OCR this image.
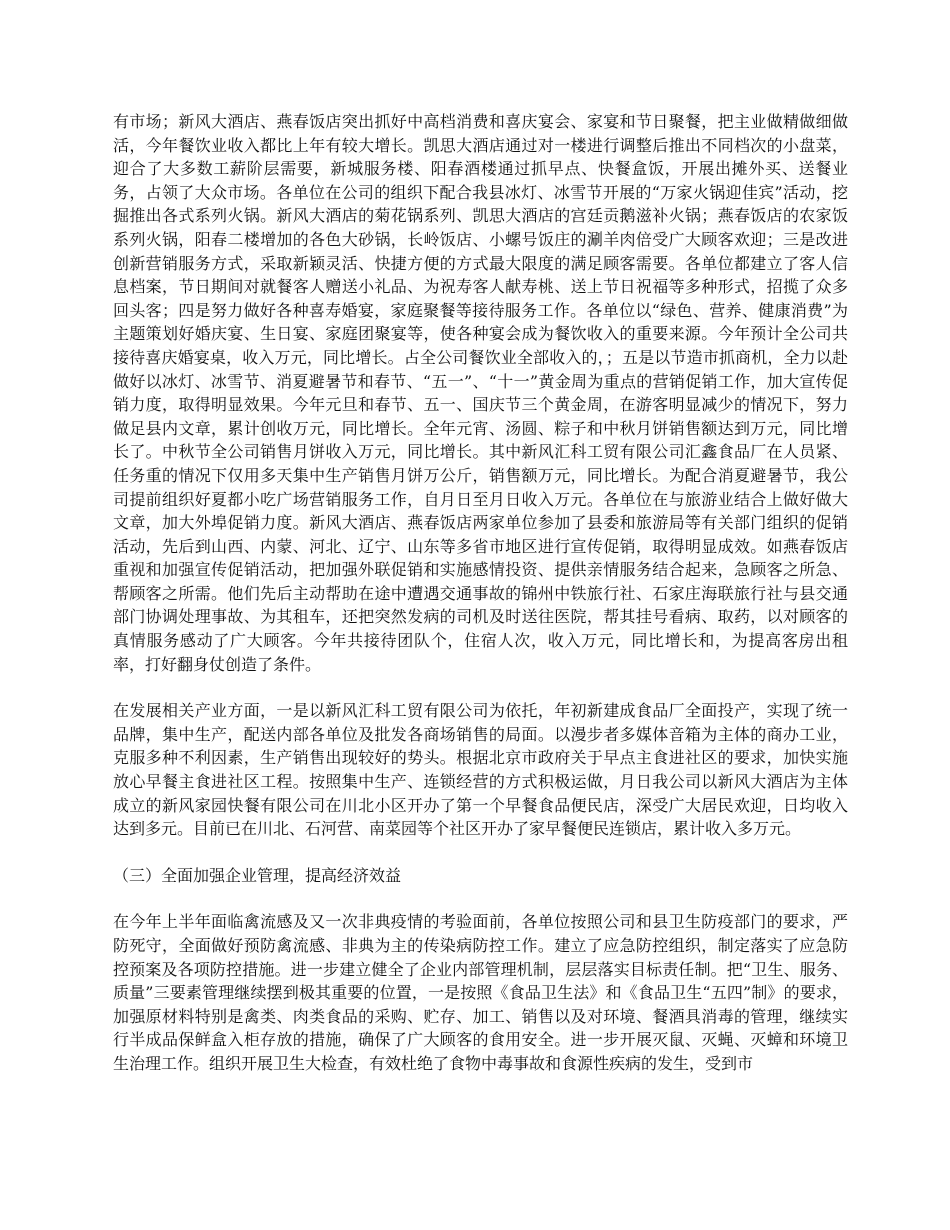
有市场；新风大酒店、燕春饭店突出抓好中高档消费和喜庆宴会、家宴和节日聚餐，把主业做精做细做活，今年餐饮业收入都比上年有较大增长。凯思大酒店通过对一楼进行调整后推出不同档次的小盘菜，迎合了大多数工薪阶层需要，新城服务楼、阳春酒楼通过抓早点、快餐盒饭，开展出摊外买、送餐业务，占领了大众市场。各单位在公司的组织下配合我县冰灯、冰雪节开展的“万家火锅迎佳宾”活动，挖掘推出各式系列火锅。新风大酒店的菊花锅系列、凯思大酒店的宫廷贡鹅滋补火锅；燕春饭店的农家饭系列火锅，阳春二楼增加的各色大砂锅，长岭饭店、小螺号饭庄的涮羊肉倍受广大顾客欢迎；三是改进创新营销服务方式，采取新颖灵活、快捷方便的方式最大限度的满足顾客需要。各单位都建立了客人信息档案，节日期间对就餐客人赠送小礼品、为祝寿客人献寿桃、送上节日祝福等多种形式，招揽了众多回头客；四是努力做好各种喜寿婚宴，家庭聚餐等接待服务工作。各单位以“绿色、营养、健康消费”为主题策划好婚庆宴、生日宴、家庭团聚宴等，使各种宴会成为餐饮收入的重要来源。今年预计全公司共接待喜庆婚宴桌，收入万元，同比增长。占全公司餐饮业全部收入的，；五是以节造市抓商机，全力以赴做好以冰灯、冰雪节、消夏避暑节和春节、“五一”、“十一”黄金周为重点的营销促销工作，加大宣传促销力度，取得明显效果。今年元旦和春节、五一、国庆节三个黄金周，在游客明显减少的情况下，努力做足县内文章，累计创收万元，同比增长。全年元宵、汤圆、粽子和中秋月饼销售额达到万元，同比增长了。中秋节全公司销售月饼收入万元，同比增长。其中新风汇科工贸有限公司汇鑫食品厂在人员紧、任务重的情况下仅用多天集中生产销售月饼万公斤，销售额万元，同比增长。为配合消夏避暑节，我公司提前组织好夏都小吃广场营销服务工作，自月日至月日收入万元。各单位在与旅游业结合上做好做大文章，加大外埠促销力度。新风大酒店、燕春饭店两家单位参加了县委和旅游局等有关部门组织的促销活动，先后到山西、内蒙、河北、辽宁、山东等多省市地区进行宣传促销，取得明显成效。如燕春饭店重视和加强宣传促销活动，把加强外联促销和实施感情投资、提供亲情服务结合起来，急顾客之所急、帮顾客之所需。他们先后主动帮助在途中遭遇交通事故的锦州中铁旅行社、石家庄海联旅行社与县交通部门协调处理事故、为其租车，还把突然发病的司机及时送往医院，帮其挂号看病、取药，以对顾客的真情服务感动了广大顾客。今年共接待团队个，住宿人次，收入万元，同比增长和，为提高客房出租率，打好翻身仗创造了条件。

在发展相关产业方面，一是以新风汇科工贸有限公司为依托，年初新建成食品厂全面投产，实现了统一品牌，集中生产，配送内部各单位及批发各商场销售的局面。以漫步者多媒体音箱为主体的商办工业，克服多种不利因素，生产销售出现较好的势头。根据北京市政府关于早点主食进社区的要求，加快实施放心早餐主食进社区工程。按照集中生产、连锁经营的方式积极运做，月日我公司以新风大酒店为主体成立的新风家园快餐有限公司在川北小区开办了第一个早餐食品便民店，深受广大居民欢迎，日均收入达到多元。目前已在川北、石河营、南菜园等个社区开办了家早餐便民连锁店，累计收入多万元。

（三）全面加强企业管理，提高经济效益

在今年上半年面临禽流感及又一次非典疫情的考验面前，各单位按照公司和县卫生防疫部门的要求，严防死守，全面做好预防禽流感、非典为主的传染病防控工作。建立了应急防控组织，制定落实了应急防控预案及各项防控措施。进一步建立健全了企业内部管理机制，层层落实目标责任制。把“卫生、服务、质量”三要素管理继续摆到极其重要的位置，一是按照《食品卫生法》和《食品卫生“五四”制》的要求，加强原材料特别是禽类、肉类食品的采购、贮存、加工、销售以及对环境、餐酒具消毒的管理，继续实行半成品保鲜盒入柜存放的措施，确保了广大顾客的食用安全。进一步开展灭鼠、灭蝇、灭蟑和环境卫生治理工作。组织开展卫生大检查，有效杜绝了食物中毒事故和食源性疾病的发生，受到市
